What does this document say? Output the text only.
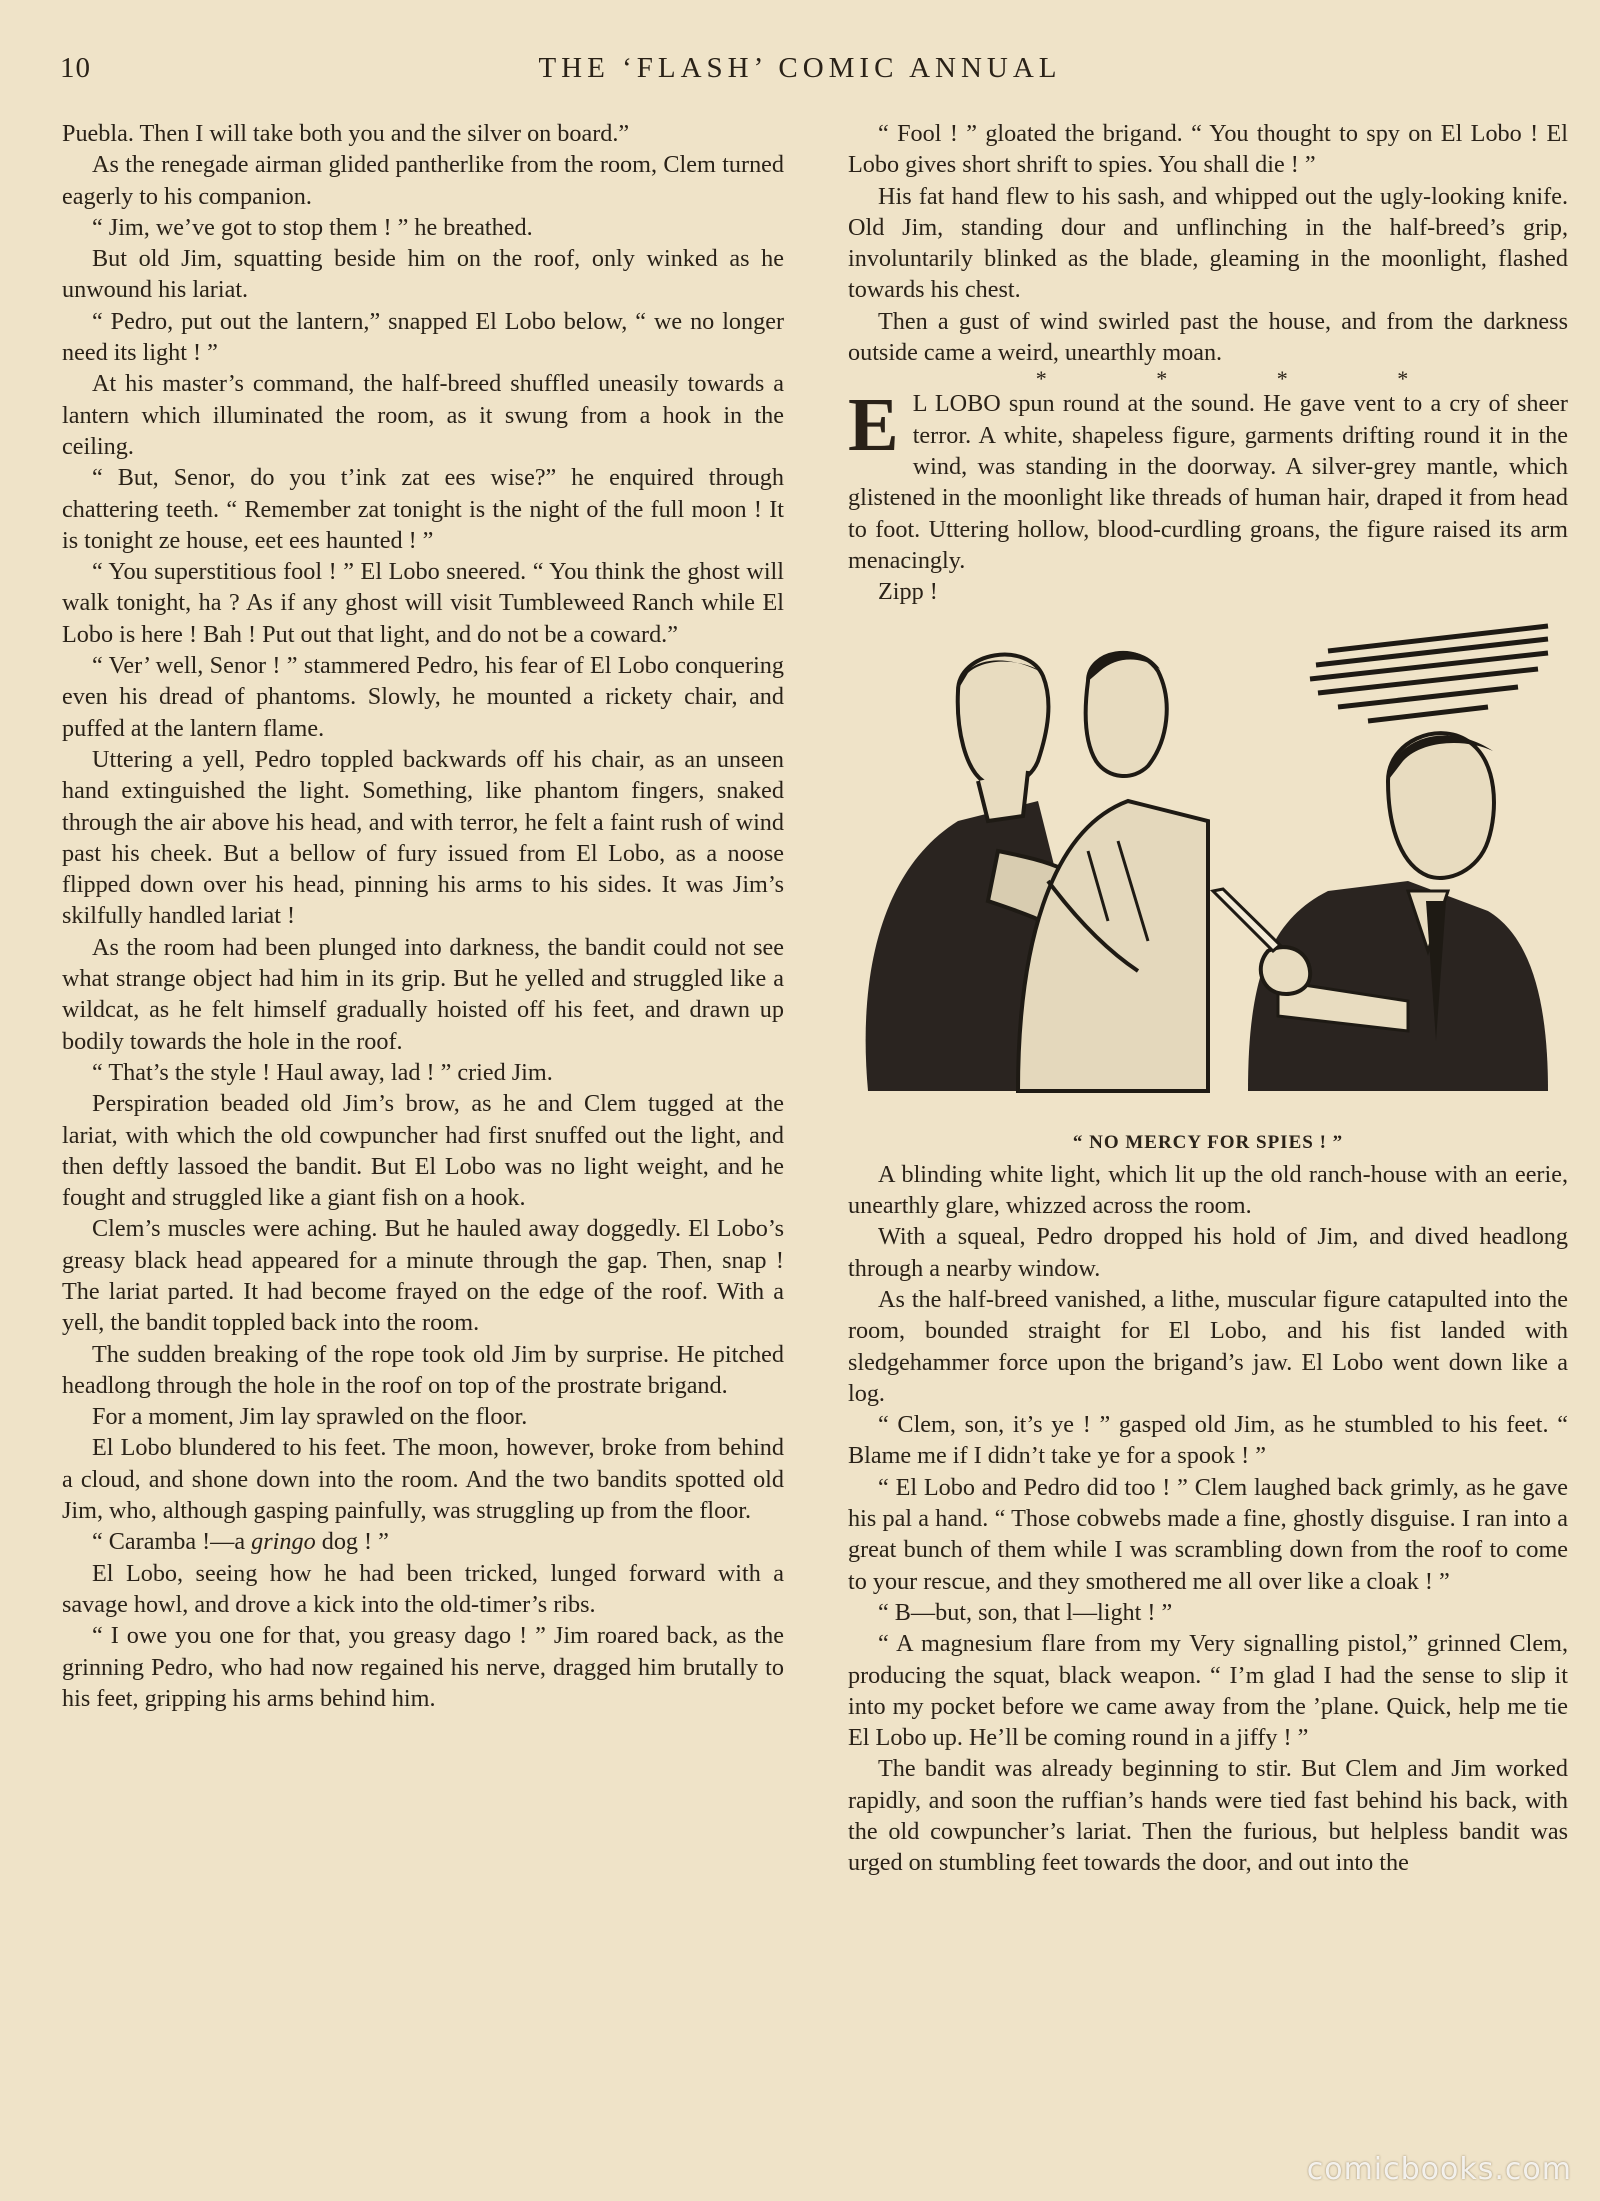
10	THE ‘FLASH’ COMIC ANNUAL

Puebla. Then I will take both you and the silver on board.”

As the renegade airman glided pantherlike from the room, Clem turned eagerly to his companion.

“ Jim, we’ve got to stop them ! ” he breathed.

But old Jim, squatting beside him on the roof, only winked as he unwound his lariat.

“ Pedro, put out the lantern,” snapped El Lobo below, “ we no longer need its light ! ”

At his master’s command, the half-breed shuffled uneasily towards a lantern which illuminated the room, as it swung from a hook in the ceiling.

“ But, Senor, do you t’ink zat ees wise?” he enquired through chattering teeth. “ Remember zat tonight is the night of the full moon ! It is tonight ze house, eet ees haunted ! ”

“ You superstitious fool ! ” El Lobo sneered. “ You think the ghost will walk tonight, ha ? As if any ghost will visit Tumbleweed Ranch while El Lobo is here ! Bah ! Put out that light, and do not be a coward.”

“ Ver’ well, Senor ! ” stammered Pedro, his fear of El Lobo conquering even his dread of phantoms. Slowly, he mounted a rickety chair, and puffed at the lantern flame.

Uttering a yell, Pedro toppled backwards off his chair, as an unseen hand extinguished the light. Something, like phantom fingers, snaked through the air above his head, and with terror, he felt a faint rush of wind past his cheek. But a bellow of fury issued from El Lobo, as a noose flipped down over his head, pinning his arms to his sides. It was Jim’s skilfully handled lariat !

As the room had been plunged into darkness, the bandit could not see what strange object had him in its grip. But he yelled and struggled like a wildcat, as he felt himself gradually hoisted off his feet, and drawn up bodily towards the hole in the roof.

“ That’s the style ! Haul away, lad ! ” cried Jim.

Perspiration beaded old Jim’s brow, as he and Clem tugged at the lariat, with which the old cowpuncher had first snuffed out the light, and then deftly lassoed the bandit. But El Lobo was no light weight, and he fought and struggled like a giant fish on a hook.

Clem’s muscles were aching. But he hauled away doggedly. El Lobo’s greasy black head appeared for a minute through the gap. Then, snap ! The lariat parted. It had become frayed on the edge of the roof. With a yell, the bandit toppled back into the room.

The sudden breaking of the rope took old Jim by surprise. He pitched headlong through the hole in the roof on top of the prostrate brigand.

For a moment, Jim lay sprawled on the floor.

El Lobo blundered to his feet. The moon, however, broke from behind a cloud, and shone down into the room. And the two bandits spotted old Jim, who, although gasping painfully, was struggling up from the floor.

“ Caramba !—a gringo dog ! ”

El Lobo, seeing how he had been tricked, lunged forward with a savage howl, and drove a kick into the old-timer’s ribs.

“ I owe you one for that, you greasy dago ! ” Jim roared back, as the grinning Pedro, who had now regained his nerve, dragged him brutally to his feet, gripping his arms behind him.

“ Fool ! ” gloated the brigand. “ You thought to spy on El Lobo ! El Lobo gives short shrift to spies. You shall die ! ”

His fat hand flew to his sash, and whipped out the ugly-looking knife. Old Jim, standing dour and unflinching in the half-breed’s grip, involuntarily blinked as the blade, gleaming in the moonlight, flashed towards his chest.

Then a gust of wind swirled past the house, and from the darkness outside came a weird, unearthly moan.

* * * *

E L LOBO spun round at the sound. He gave vent to a cry of sheer terror. A white, shapeless figure, garments drifting round it in the wind, was standing in the doorway. A silver-grey mantle, which glistened in the moonlight like threads of human hair, draped it from head to foot. Uttering hollow, blood-curdling groans, the figure raised its arm menacingly.

Zipp !

“ NO MERCY FOR SPIES ! ”

A blinding white light, which lit up the old ranch-house with an eerie, unearthly glare, whizzed across the room.

With a squeal, Pedro dropped his hold of Jim, and dived headlong through a nearby window.

As the half-breed vanished, a lithe, muscular figure catapulted into the room, bounded straight for El Lobo, and his fist landed with sledgehammer force upon the brigand’s jaw. El Lobo went down like a log.

“ Clem, son, it’s ye ! ” gasped old Jim, as he stumbled to his feet. “ Blame me if I didn’t take ye for a spook ! ”

“ El Lobo and Pedro did too ! ” Clem laughed back grimly, as he gave his pal a hand. “ Those cobwebs made a fine, ghostly disguise. I ran into a great bunch of them while I was scrambling down from the roof to come to your rescue, and they smothered me all over like a cloak ! ”

“ B—but, son, that l—light ! ”

“ A magnesium flare from my Very signalling pistol,” grinned Clem, producing the squat, black weapon. “ I’m glad I had the sense to slip it into my pocket before we came away from the ’plane. Quick, help me tie El Lobo up. He’ll be coming round in a jiffy ! ”

The bandit was already beginning to stir. But Clem and Jim worked rapidly, and soon the ruffian’s hands were tied fast behind his back, with the old cowpuncher’s lariat. Then the furious, but helpless bandit was urged on stumbling feet towards the door, and out into the

comicbooks.com
